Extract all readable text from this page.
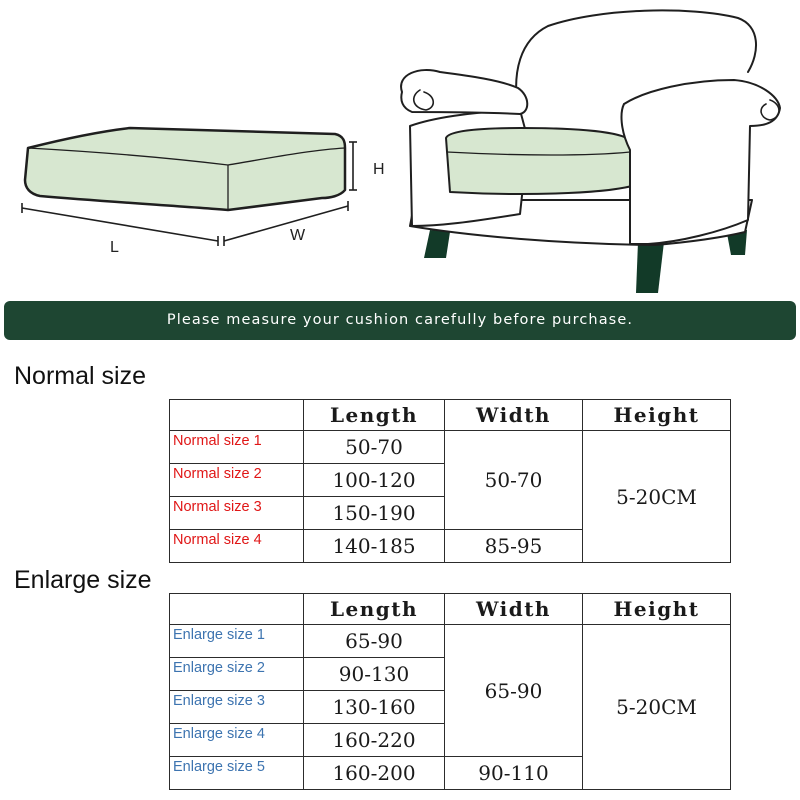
H
L
W
Please measure your cushion carefully before purchase.
Normal size
	Length	Width	Height
Normal size 1	50-70	50-70	5-20CM
Normal size 2	100-120		
Normal size 3	150-190		
Normal size 4	140-185	85-95	
Enlarge size
	Length	Width	Height
Enlarge size 1	65-90	65-90	5-20CM
Enlarge size 2	90-130		
Enlarge size 3	130-160		
Enlarge size 4	160-220		
Enlarge size 5	160-200	90-110	
